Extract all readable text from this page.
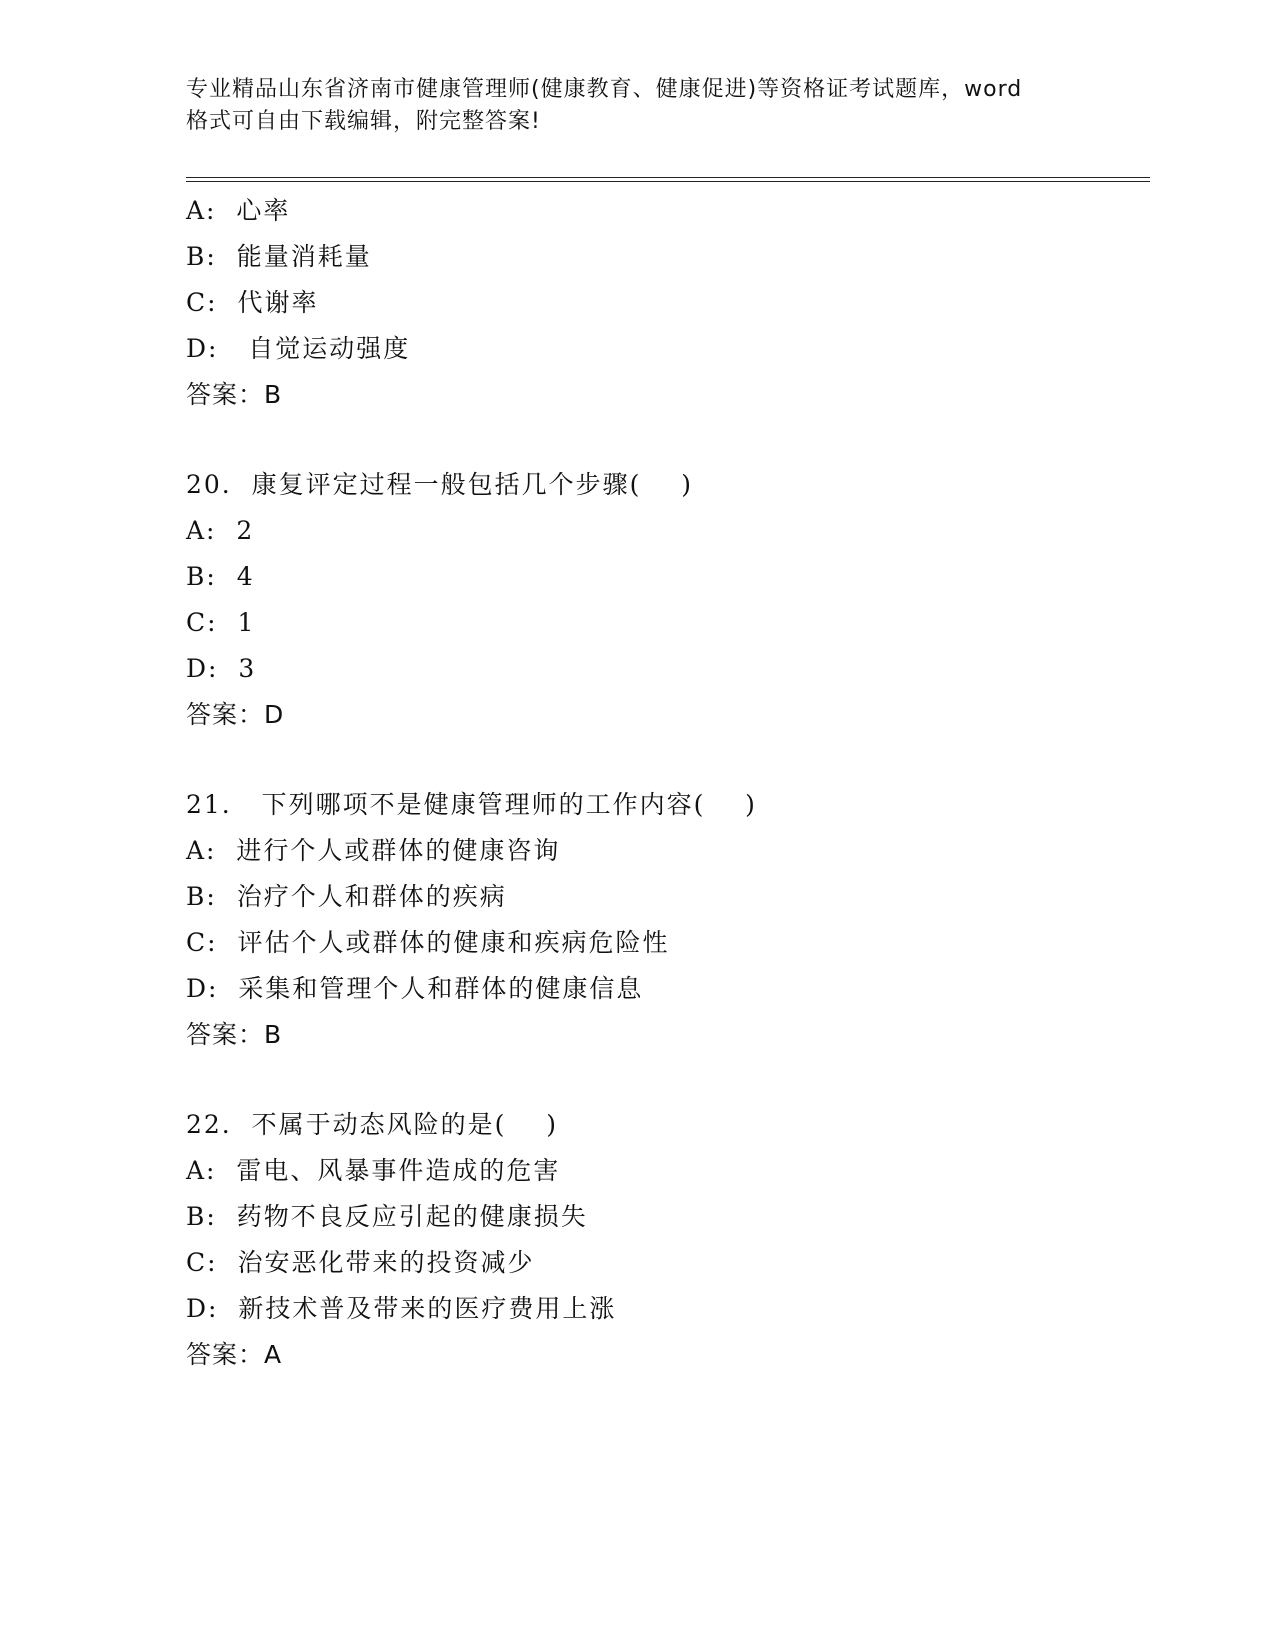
专业精品山东省济南市健康管理师(健康教育、健康促进)等资格证考试题库，word
格式可自由下载编辑，附完整答案!
A:  心率
B:  能量消耗量
C:  代谢率
D:   自觉运动强度
答案：B
20.  康复评定过程一般包括几个步骤(    )
A:  2
B:  4
C:  1
D:  3
答案：D
21.   下列哪项不是健康管理师的工作内容(    )
A:  进行个人或群体的健康咨询
B:  治疗个人和群体的疾病
C:  评估个人或群体的健康和疾病危险性
D:  采集和管理个人和群体的健康信息
答案：B
22.  不属于动态风险的是(    )
A:  雷电、风暴事件造成的危害
B:  药物不良反应引起的健康损失
C:  治安恶化带来的投资减少
D:  新技术普及带来的医疗费用上涨
答案：A
